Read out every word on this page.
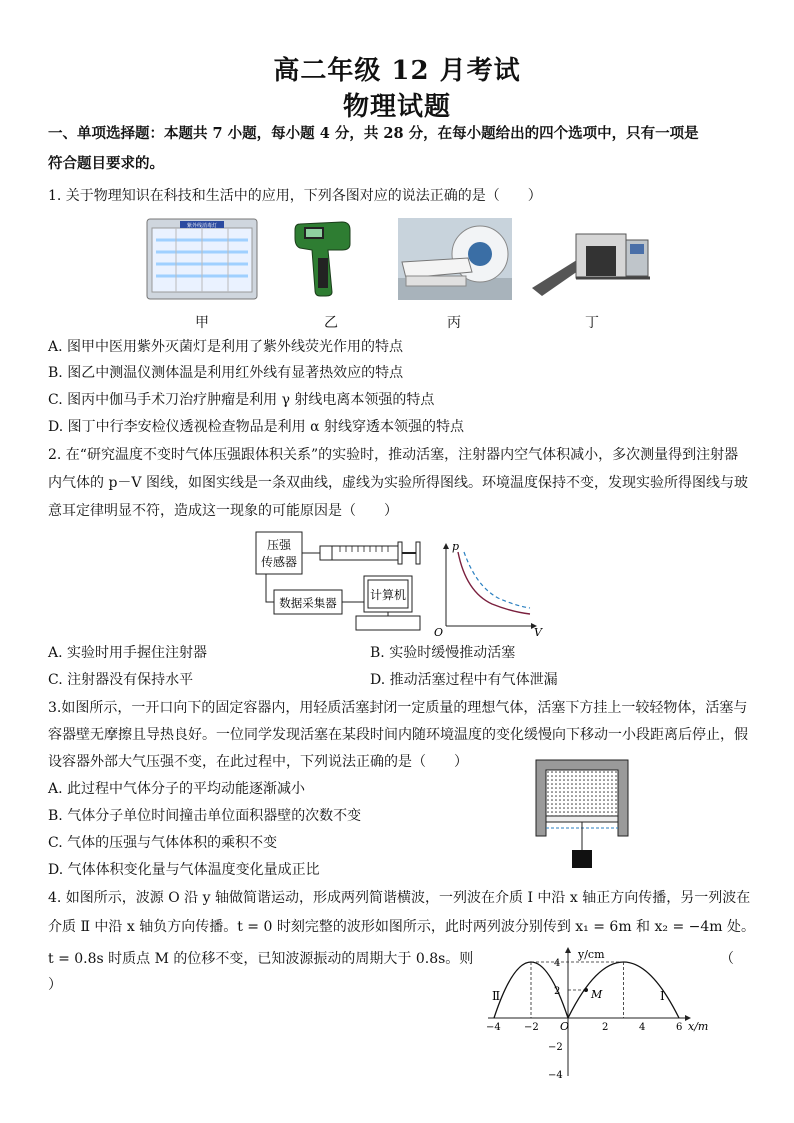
高二年级 12 月考试
物理试题
一、单项选择题：本题共 7 小题，每小题 4 分，共 28 分，在每小题给出的四个选项中，只有一项是
符合题目要求的。
1. 关于物理知识在科技和生活中的应用，下列各图对应的说法正确的是（　　）
紫外线消毒灯
甲	乙	丙	丁
A. 图甲中医用紫外灭菌灯是利用了紫外线荧光作用的特点
B. 图乙中测温仪测体温是利用红外线有显著热效应的特点
C. 图丙中伽马手术刀治疗肿瘤是利用 γ 射线电离本领强的特点
D. 图丁中行李安检仪透视检查物品是利用 α 射线穿透本领强的特点
2. 在“研究温度不变时气体压强跟体积关系”的实验时，推动活塞，注射器内空气体积减小，多次测量得到注射器
内气体的 p－V 图线，如图实线是一条双曲线，虚线为实验所得图线。环境温度保持不变，发现实验所得图线与玻
意耳定律明显不符，造成这一现象的可能原因是（　　）
压强
传感器
数据采集器
计算机
p
V
O
A. 实验时用手握住注射器	B. 实验时缓慢推动活塞
C. 注射器没有保持水平	D. 推动活塞过程中有气体泄漏
3.如图所示，一开口向下的固定容器内，用轻质活塞封闭一定质量的理想气体，活塞下方挂上一较轻物体，活塞与
容器壁无摩擦且导热良好。一位同学发现活塞在某段时间内随环境温度的变化缓慢向下移动一小段距离后停止，假
设容器外部大气压强不变，在此过程中，下列说法正确的是（　　）
A. 此过程中气体分子的平均动能逐渐减小
B. 气体分子单位时间撞击单位面积器壁的次数不变
C. 气体的压强与气体体积的乘积不变
D. 气体体积变化量与气体温度变化量成正比
4. 如图所示，波源 O 沿 y 轴做简谐运动，形成两列简谐横波，一列波在介质 Ⅰ 中沿 x 轴正方向传播，另一列波在
介质 Ⅱ 中沿 x 轴负方向传播。t = 0 时刻完整的波形如图所示，此时两列波分别传到 x₁ = 6m 和 x₂ = −4m 处。
t = 0.8s 时质点 M 的位移不变，已知波源振动的周期大于 0.8s。则	（
）
y/cm
x/m
M
Ⅱ	Ⅰ
O
4
2
−2
−4
−4 −2	2	4	6
